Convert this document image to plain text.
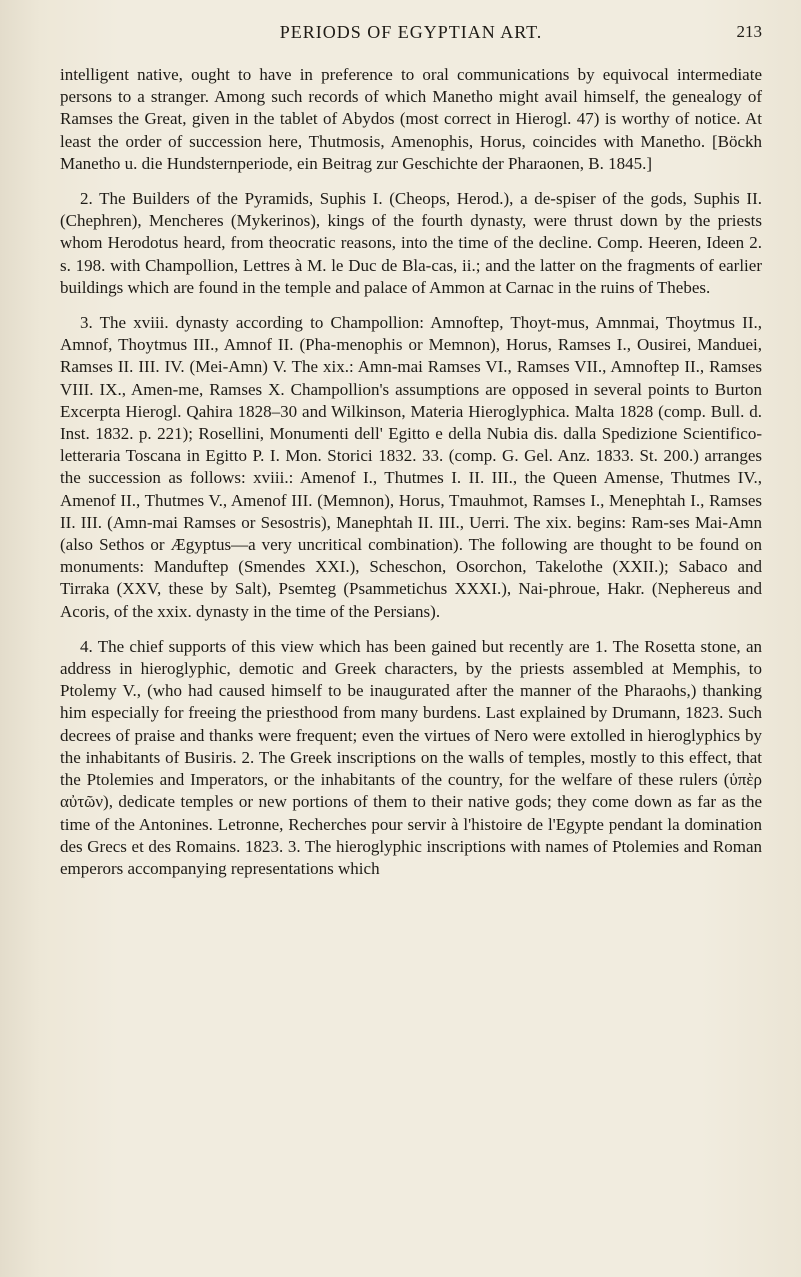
PERIODS OF EGYPTIAN ART.	213

intelligent native, ought to have in preference to oral communications by equivocal intermediate persons to a stranger. Among such records of which Manetho might avail himself, the genealogy of Ramses the Great, given in the tablet of Abydos (most correct in Hierogl. 47) is worthy of notice. At least the order of succession here, Thutmosis, Amenophis, Horus, coincides with Manetho. [Böckh Manetho u. die Hundsternperiode, ein Beitrag zur Geschichte der Pharaonen, B. 1845.]

2. The Builders of the Pyramids, Suphis I. (Cheops, Herod.), a de-spiser of the gods, Suphis II. (Chephren), Mencheres (Mykerinos), kings of the fourth dynasty, were thrust down by the priests whom Herodotus heard, from theocratic reasons, into the time of the decline. Comp. Heeren, Ideen 2. s. 198. with Champollion, Lettres à M. le Duc de Bla-cas, ii.; and the latter on the fragments of earlier buildings which are found in the temple and palace of Ammon at Carnac in the ruins of Thebes.

3. The xviii. dynasty according to Champollion: Amnoftep, Thoyt-mus, Amnmai, Thoytmus II., Amnof, Thoytmus III., Amnof II. (Pha-menophis or Memnon), Horus, Ramses I., Ousirei, Manduei, Ramses II. III. IV. (Mei-Amn) V. The xix.: Amn-mai Ramses VI., Ramses VII., Amnoftep II., Ramses VIII. IX., Amen-me, Ramses X. Champollion's assumptions are opposed in several points to Burton Excerpta Hierogl. Qahira 1828–30 and Wilkinson, Materia Hieroglyphica. Malta 1828 (comp. Bull. d. Inst. 1832. p. 221); Rosellini, Monumenti dell' Egitto e della Nubia dis. dalla Spedizione Scientifico-letteraria Toscana in Egitto P. I. Mon. Storici 1832. 33. (comp. G. Gel. Anz. 1833. St. 200.) arranges the succession as follows: xviii.: Amenof I., Thutmes I. II. III., the Queen Amense, Thutmes IV., Amenof II., Thutmes V., Amenof III. (Memnon), Horus, Tmauhmot, Ramses I., Menephtah I., Ramses II. III. (Amn-mai Ramses or Sesostris), Manephtah II. III., Uerri. The xix. begins: Ram-ses Mai-Amn (also Sethos or Ægyptus—a very uncritical combination). The following are thought to be found on monuments: Manduftep (Smendes XXI.), Scheschon, Osorchon, Takelothe (XXII.); Sabaco and Tirraka (XXV, these by Salt), Psemteg (Psammetichus XXXI.), Nai-phroue, Hakr. (Nephereus and Acoris, of the xxix. dynasty in the time of the Persians).

4. The chief supports of this view which has been gained but recently are 1. The Rosetta stone, an address in hieroglyphic, demotic and Greek characters, by the priests assembled at Memphis, to Ptolemy V., (who had caused himself to be inaugurated after the manner of the Pharaohs,) thanking him especially for freeing the priesthood from many burdens. Last explained by Drumann, 1823. Such decrees of praise and thanks were frequent; even the virtues of Nero were extolled in hieroglyphics by the inhabitants of Busiris. 2. The Greek inscriptions on the walls of temples, mostly to this effect, that the Ptolemies and Imperators, or the inhabitants of the country, for the welfare of these rulers (ὑπὲρ αὐτῶν), dedicate temples or new portions of them to their native gods; they come down as far as the time of the Antonines. Letronne, Recherches pour servir à l'histoire de l'Egypte pendant la domination des Grecs et des Romains. 1823. 3. The hieroglyphic inscriptions with names of Ptolemies and Roman emperors accompanying representations which
